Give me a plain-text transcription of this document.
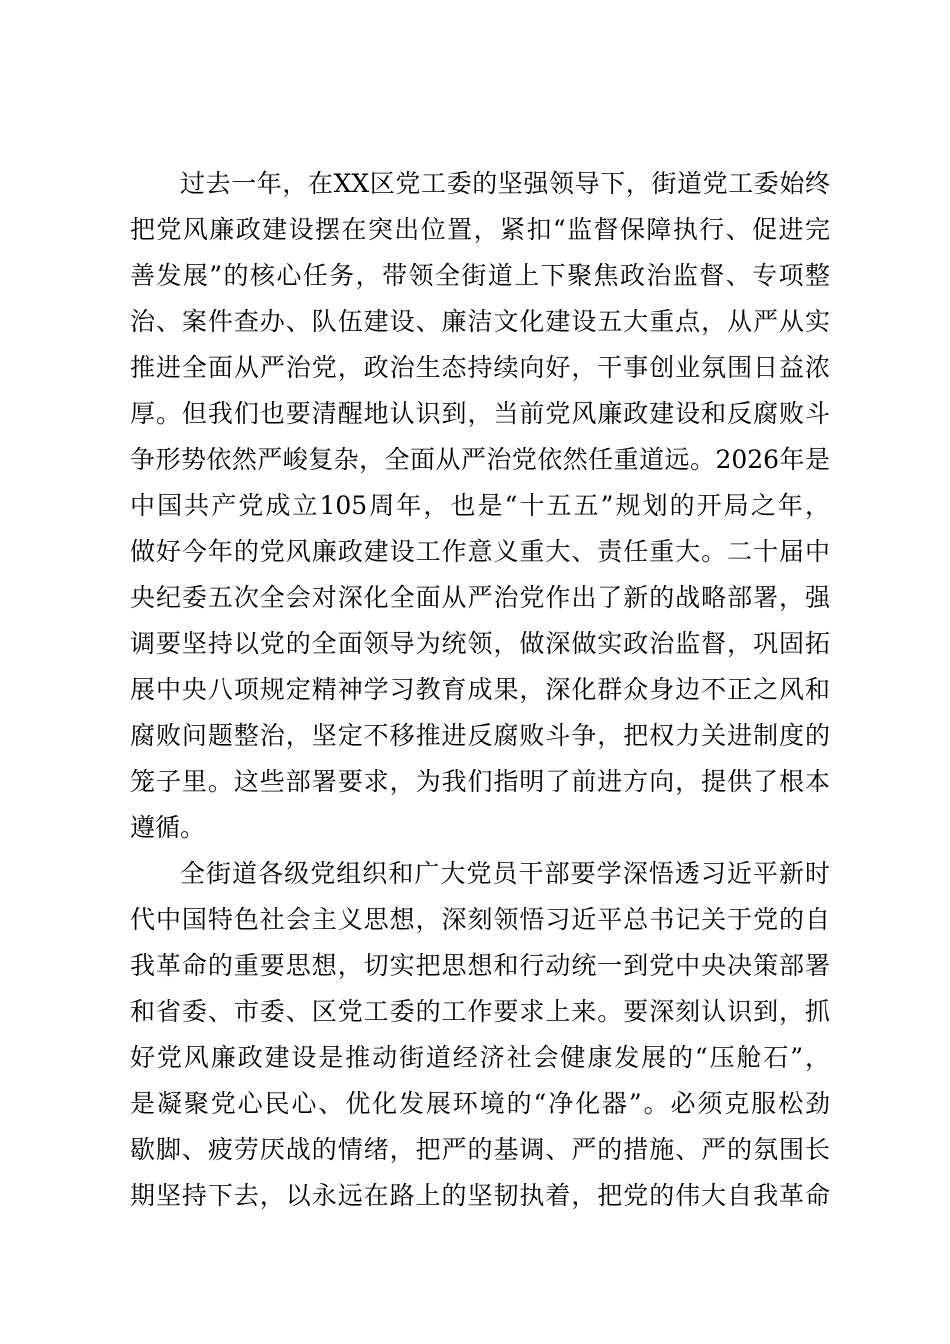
过去一年，在XX区党工委的坚强领导下，街道党工委始终
把党风廉政建设摆在突出位置，紧扣“监督保障执行、促进完
善发展”的核心任务，带领全街道上下聚焦政治监督、专项整
治、案件查办、队伍建设、廉洁文化建设五大重点，从严从实
推进全面从严治党，政治生态持续向好，干事创业氛围日益浓
厚。但我们也要清醒地认识到，当前党风廉政建设和反腐败斗
争形势依然严峻复杂，全面从严治党依然任重道远。2026年是
中国共产党成立105周年，也是“十五五”规划的开局之年，
做好今年的党风廉政建设工作意义重大、责任重大。二十届中
央纪委五次全会对深化全面从严治党作出了新的战略部署，强
调要坚持以党的全面领导为统领，做深做实政治监督，巩固拓
展中央八项规定精神学习教育成果，深化群众身边不正之风和
腐败问题整治，坚定不移推进反腐败斗争，把权力关进制度的
笼子里。这些部署要求，为我们指明了前进方向，提供了根本
遵循。
全街道各级党组织和广大党员干部要学深悟透习近平新时
代中国特色社会主义思想，深刻领悟习近平总书记关于党的自
我革命的重要思想，切实把思想和行动统一到党中央决策部署
和省委、市委、区党工委的工作要求上来。要深刻认识到，抓
好党风廉政建设是推动街道经济社会健康发展的“压舱石”，
是凝聚党心民心、优化发展环境的“净化器”。必须克服松劲
歇脚、疲劳厌战的情绪，把严的基调、严的措施、严的氛围长
期坚持下去，以永远在路上的坚韧执着，把党的伟大自我革命
